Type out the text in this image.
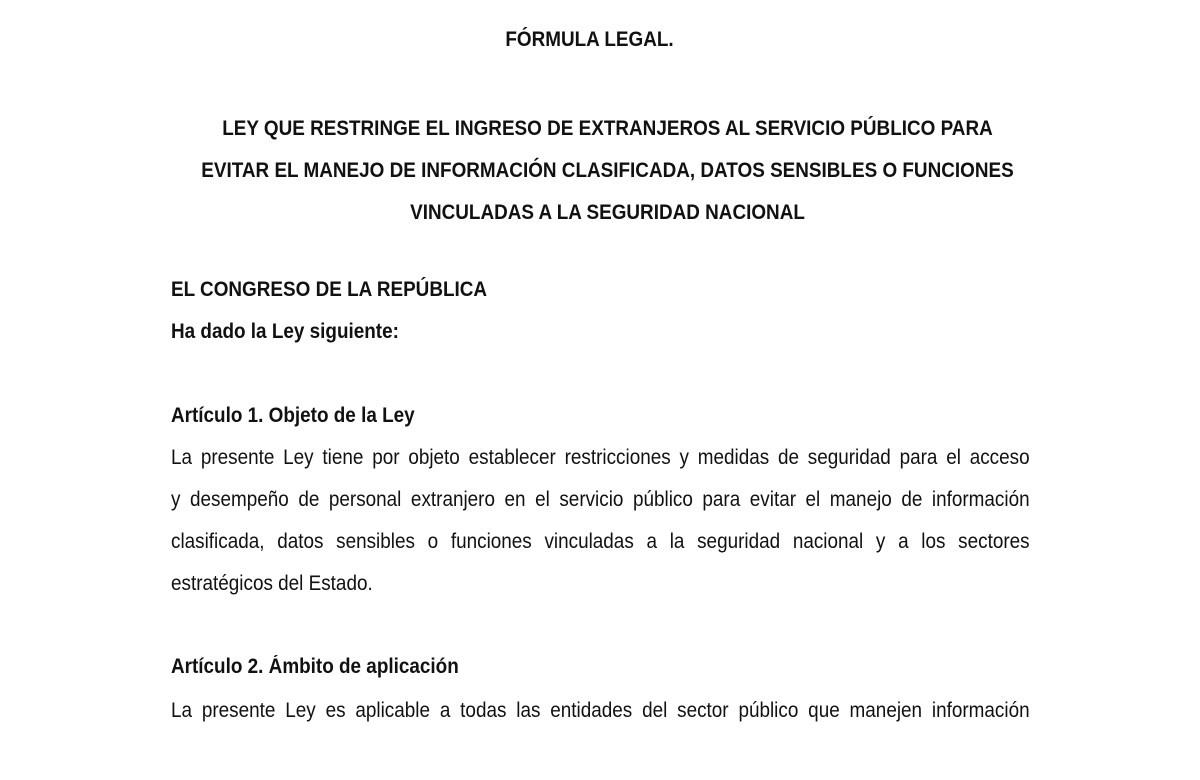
FÓRMULA LEGAL.

LEY QUE RESTRINGE EL INGRESO DE EXTRANJEROS AL SERVICIO PÚBLICO PARA
EVITAR EL MANEJO DE INFORMACIÓN CLASIFICADA, DATOS SENSIBLES O FUNCIONES
VINCULADAS A LA SEGURIDAD NACIONAL

EL CONGRESO DE LA REPÚBLICA

Ha dado la Ley siguiente:

Artículo 1. Objeto de la Ley
La presente Ley tiene por objeto establecer restricciones y medidas de seguridad para el acceso
y desempeño de personal extranjero en el servicio público para evitar el manejo de información
clasificada, datos sensibles o funciones vinculadas a la seguridad nacional y a los sectores
estratégicos del Estado.
Artículo 2. Ámbito de aplicación
La presente Ley es aplicable a todas las entidades del sector público que manejen información
